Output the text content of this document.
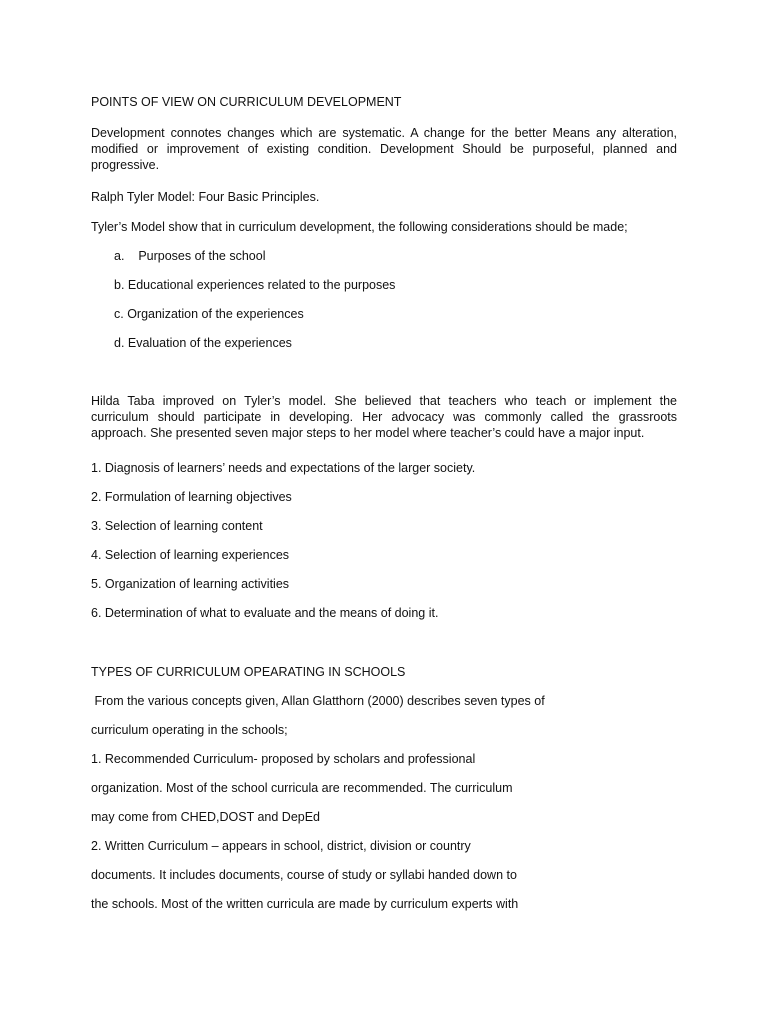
POINTS OF VIEW ON CURRICULUM DEVELOPMENT
Development connotes changes which are systematic. A change for the better Means any alteration,
modified or improvement of existing condition. Development Should be purposeful, planned and
progressive.
Ralph Tyler Model: Four Basic Principles.
Tyler’s Model show that in curriculum development, the following considerations should be made;
a.    Purposes of the school
b. Educational experiences related to the purposes
c. Organization of the experiences
d. Evaluation of the experiences
Hilda Taba improved on Tyler’s model. She believed that teachers who teach or implement the
curriculum should participate in developing. Her advocacy was commonly called the grassroots
approach. She presented seven major steps to her model where teacher’s could have a major input.
1. Diagnosis of learners’ needs and expectations of the larger society.
2. Formulation of learning objectives
3. Selection of learning content
4. Selection of learning experiences
5. Organization of learning activities
6. Determination of what to evaluate and the means of doing it.
TYPES OF CURRICULUM OPEARATING IN SCHOOLS
From the various concepts given, Allan Glatthorn (2000) describes seven types of
curriculum operating in the schools;
1. Recommended Curriculum- proposed by scholars and professional
organization. Most of the school curricula are recommended. The curriculum
may come from CHED,DOST and DepEd
2. Written Curriculum – appears in school, district, division or country
documents. It includes documents, course of study or syllabi handed down to
the schools. Most of the written curricula are made by curriculum experts with
